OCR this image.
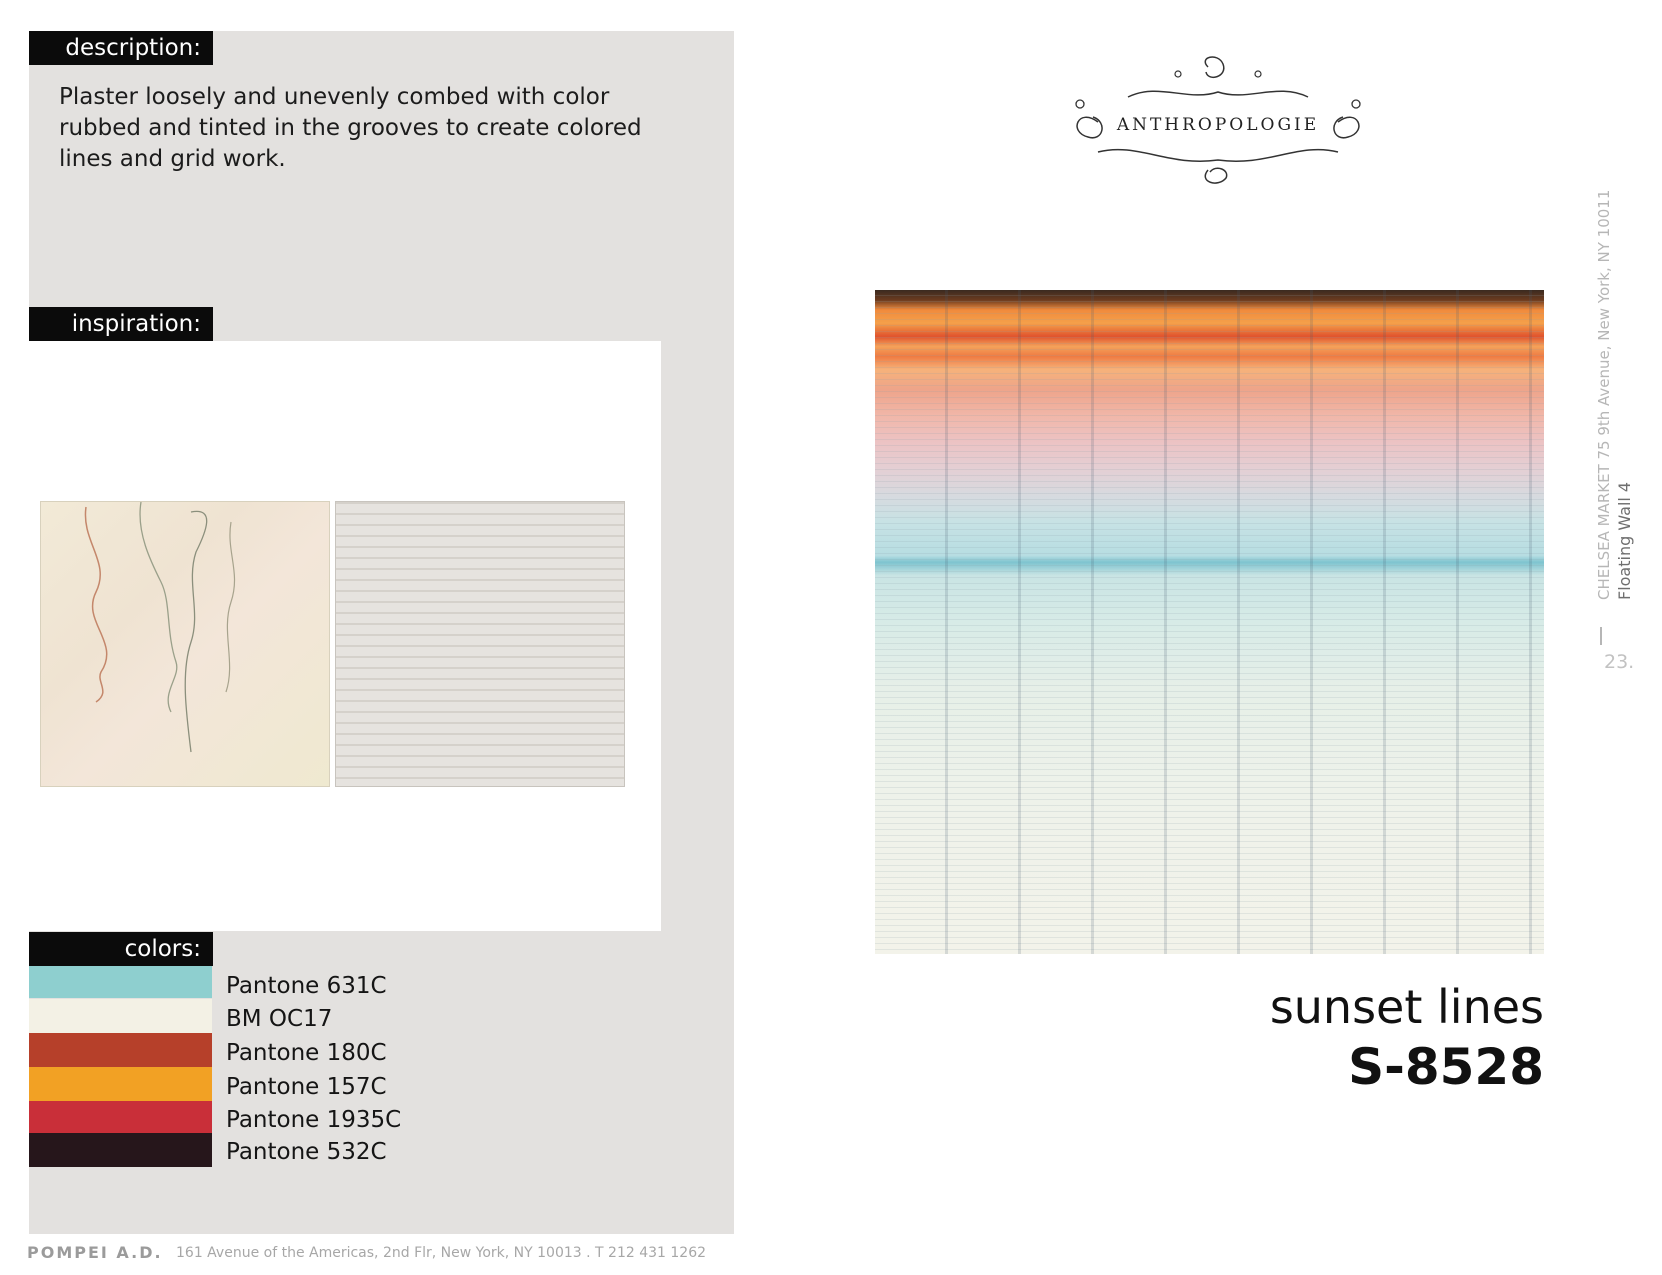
description:
Plaster loosely and unevenly combed with color rubbed and tinted in the grooves to create colored lines and grid work.
inspiration:
colors:
Pantone 631C
BM OC17
Pantone 180C
Pantone 157C
Pantone 1935C
Pantone 532C
POMPEI A.D. 161 Avenue of the Americas, 2nd Flr, New York, NY 10013 . T 212 431 1262
ANTHROPOLOGIE
sunset lines
S-8528
CHELSEA MARKET 75 9th Avenue, New York, NY 10011 Floating Wall 4
23.
